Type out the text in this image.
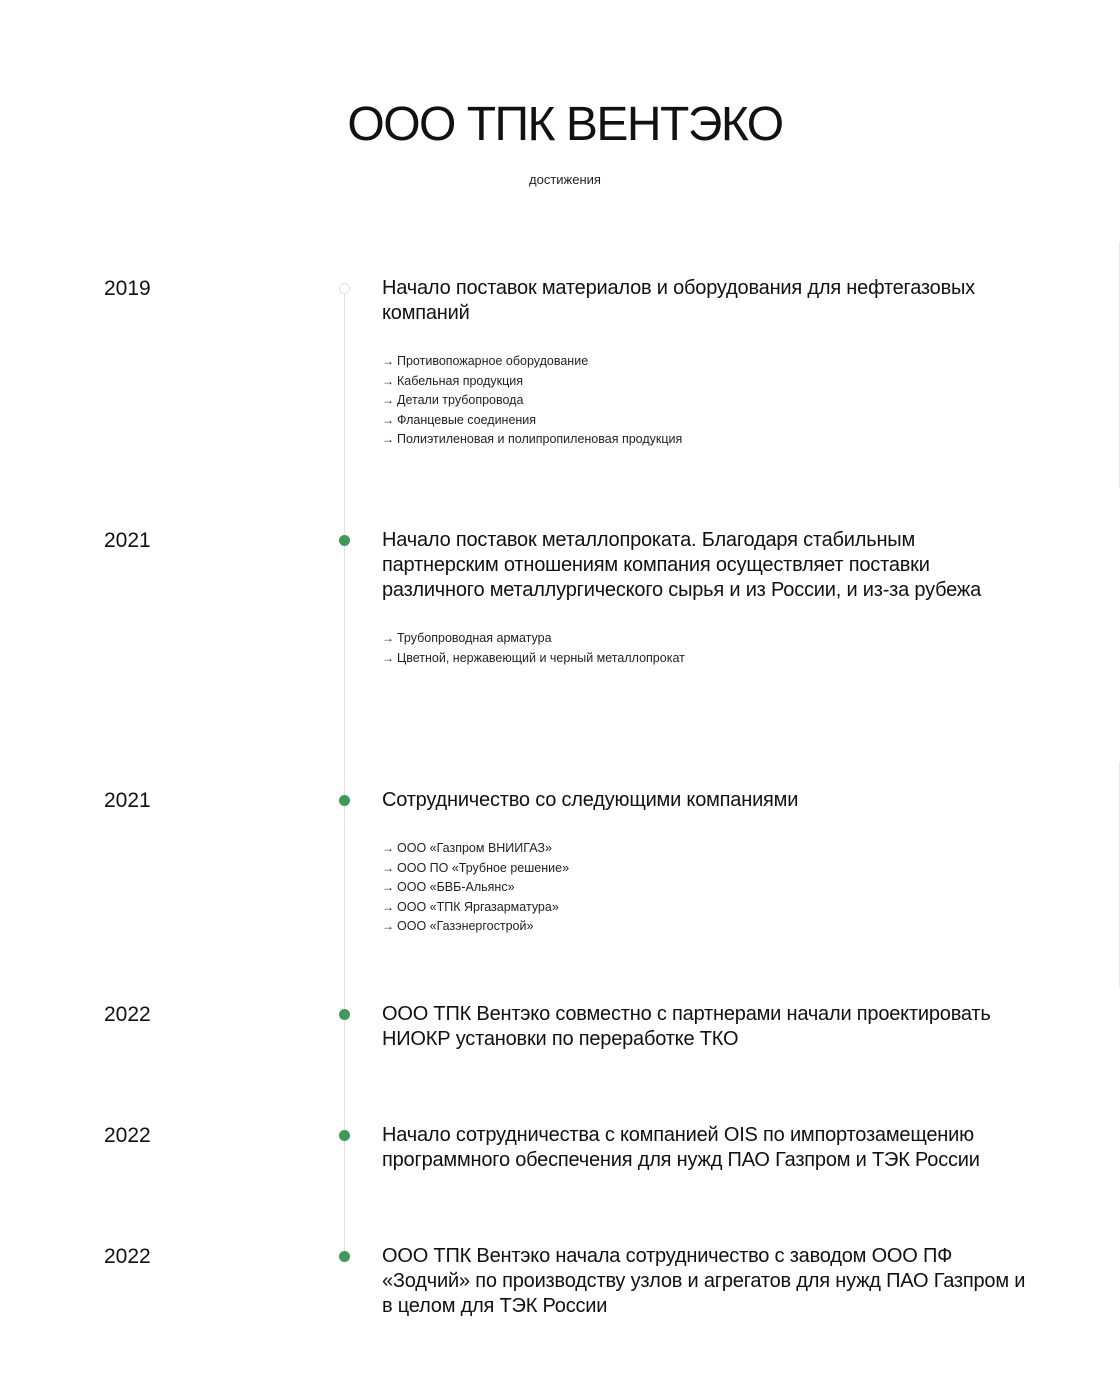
ООО ТПК ВЕНТЭКО
достижения
2019	Начало поставок материалов и оборудования для нефтегазовых компаний
→ Противопожарное оборудование
→ Кабельная продукция
→ Детали трубопровода
→ Фланцевые соединения
→ Полиэтиленовая и полипропиленовая продукция
2021	Начало поставок металлопроката. Благодаря стабильным партнерским отношениям компания осуществляет поставки различного металлургического сырья и из России, и из-за рубежа
→ Трубопроводная арматура
→ Цветной, нержавеющий и черный металлопрокат
2021	Сотрудничество со следующими компаниями
→ ООО «Газпром ВНИИГАЗ»
→ ООО ПО «Трубное решение»
→ ООО «БВБ-Альянс»
→ ООО «ТПК Яргазарматура»
→ ООО «Газэнергострой»
2022	ООО ТПК Вентэко совместно с партнерами начали проектировать НИОКР установки по переработке ТКО
2022	Начало сотрудничества с компанией OIS по импортозамещению программного обеспечения для нужд ПАО Газпром и ТЭК России
2022	ООО ТПК Вентэко начала сотрудничество с заводом ООО ПФ «Зодчий» по производству узлов и агрегатов для нужд ПАО Газпром и в целом для ТЭК России
